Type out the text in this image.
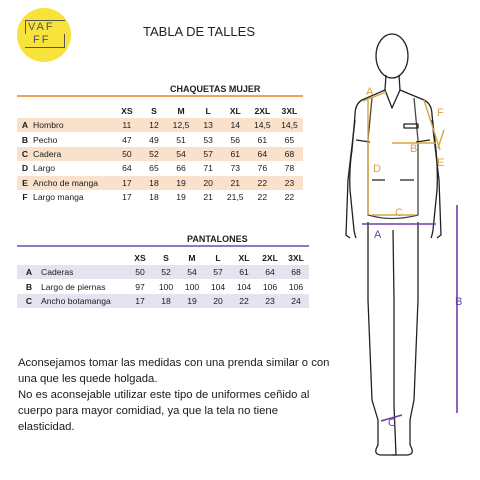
VAF
FF
TABLA DE TALLES
CHAQUETAS MUJER
		XS	S	M	L	XL	2XL	3XL
A	Hombro	11	12	12,5	13	14	14,5	14,5
B	Pecho	47	49	51	53	56	61	65
C	Cadera	50	52	54	57	61	64	68
D	Largo	64	65	66	71	73	76	78
E	Ancho de manga	17	18	19	20	21	22	23
F	Largo manga	17	18	19	21	21,5	22	22
PANTALONES
		XS	S	M	L	XL	2XL	3XL
A	Caderas	50	52	54	57	61	64	68
B	Largo de piernas	97	100	100	104	104	106	106
C	Ancho botamanga	17	18	19	20	22	23	24

Aconsejamos tomar las medidas con una prenda similar o con una que les quede holgada.

No es aconsejable utilizar este tipo de uniformes ceñido al cuerpo para mayor comidiad, ya que la tela no tiene elasticidad.

A
B
C
D	E
F
A
B
C
